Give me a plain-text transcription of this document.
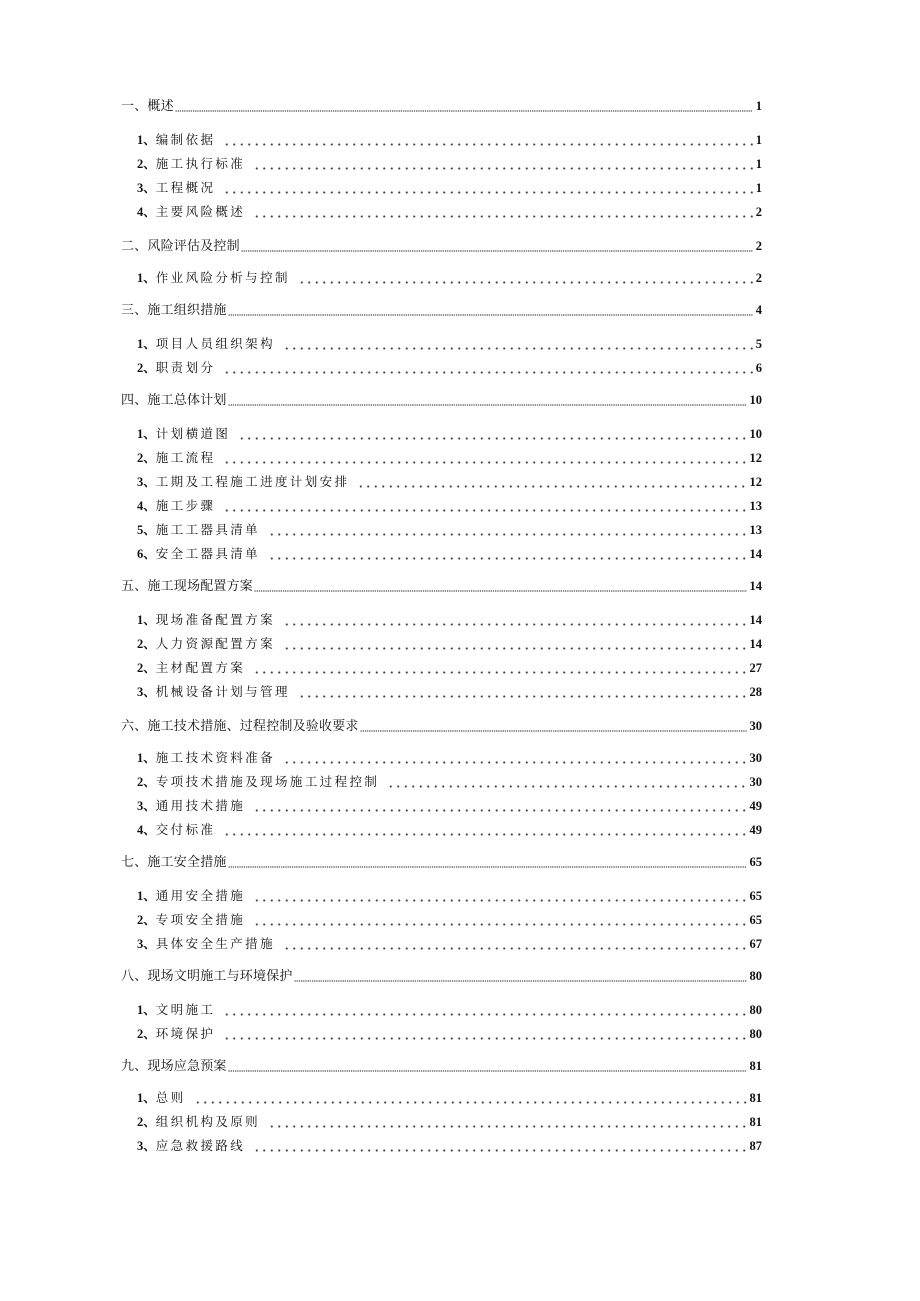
一、 概述	1
1、 编制依据	1
2、 施工执行标准	1
3、 工程概况	1
4、 主要风险概述	2
二、 风险评估及控制	2
1、 作业风险分析与控制	2
三、 施工组织措施	4
1、 项目人员组织架构	5
2、 职责划分	6
四、 施工总体计划	10
1、 计划横道图	10
2、 施工流程	12
3、 工期及工程施工进度计划安排	12
4、 施工步骤	13
5、 施工工器具清单	13
6、 安全工器具清单	14
五、 施工现场配置方案	14
1、 现场准备配置方案	14
2、 人力资源配置方案	14
2、 主材配置方案	27
3、 机械设备计划与管理	28
六、 施工技术措施、过程控制及验收要求	30
1、 施工技术资料准备	30
2、 专项技术措施及现场施工过程控制	30
3、 通用技术措施	49
4、 交付标准	49
七、 施工安全措施	65
1、 通用安全措施	65
2、 专项安全措施	65
3、 具体安全生产措施	67
八、 现场文明施工与环境保护	80
1、 文明施工	80
2、 环境保护	80
九、 现场应急预案	81
1、 总则	81
2、 组织机构及原则	81
3、 应急救援路线	87
